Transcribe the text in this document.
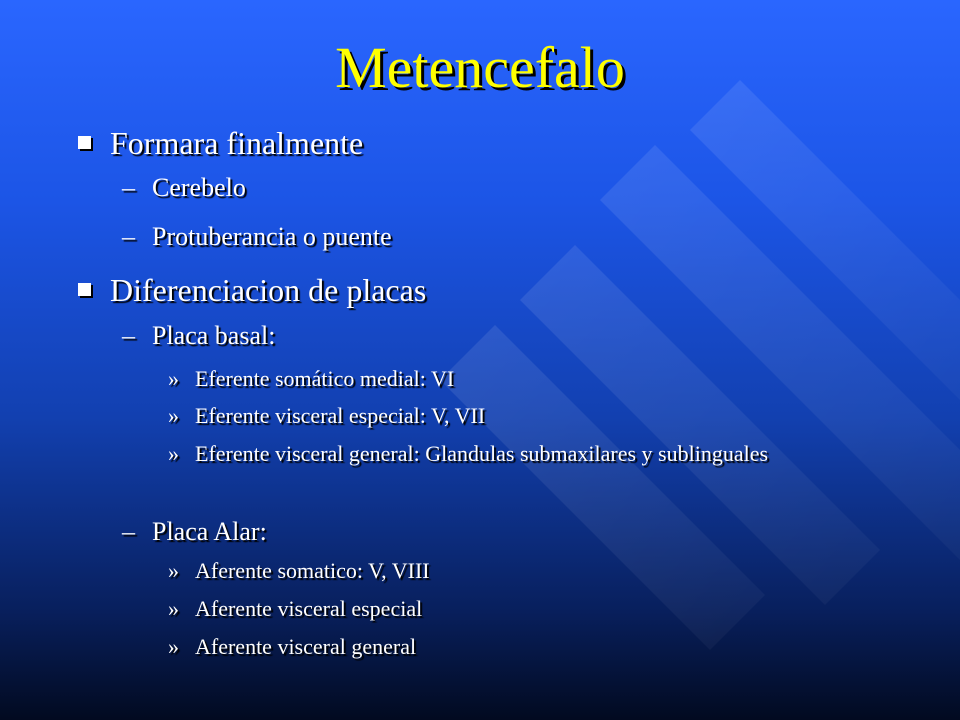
Metencefalo
Formara finalmente
– Cerebelo
– Protuberancia o puente
Diferenciacion de placas
– Placa basal:
» Eferente somático medial: VI
» Eferente visceral especial: V, VII
» Eferente visceral general: Glandulas submaxilares y sublinguales
– Placa Alar:
» Aferente somatico: V, VIII
» Aferente visceral especial
» Aferente visceral general
